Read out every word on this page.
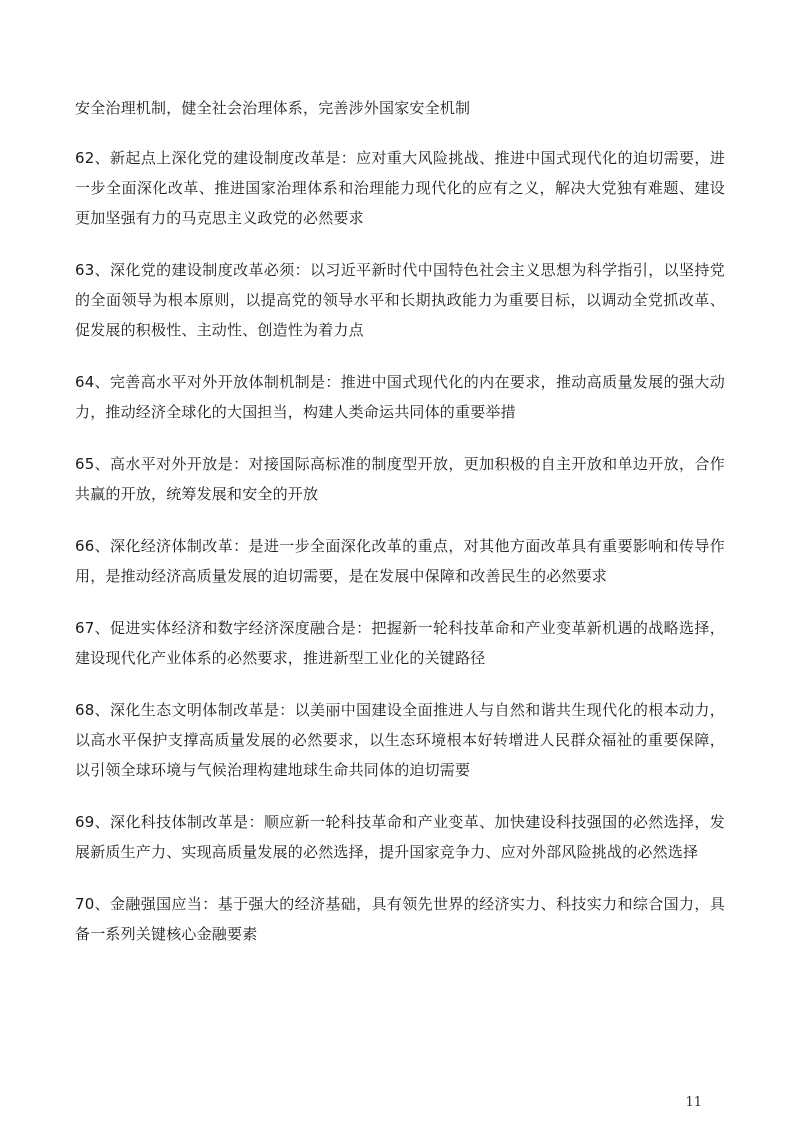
安全治理机制，健全社会治理体系，完善涉外国家安全机制

62、新起点上深化党的建设制度改革是：应对重大风险挑战、推进中国式现代化的迫切需要，进一步全面深化改革、推进国家治理体系和治理能力现代化的应有之义，解决大党独有难题、建设更加坚强有力的马克思主义政党的必然要求

63、深化党的建设制度改革必须：以习近平新时代中国特色社会主义思想为科学指引，以坚持党的全面领导为根本原则，以提高党的领导水平和长期执政能力为重要目标，以调动全党抓改革、促发展的积极性、主动性、创造性为着力点

64、完善高水平对外开放体制机制是：推进中国式现代化的内在要求，推动高质量发展的强大动力，推动经济全球化的大国担当，构建人类命运共同体的重要举措

65、高水平对外开放是：对接国际高标准的制度型开放，更加积极的自主开放和单边开放，合作共赢的开放，统筹发展和安全的开放

66、深化经济体制改革：是进一步全面深化改革的重点，对其他方面改革具有重要影响和传导作用，是推动经济高质量发展的迫切需要，是在发展中保障和改善民生的必然要求

67、促进实体经济和数字经济深度融合是：把握新一轮科技革命和产业变革新机遇的战略选择，建设现代化产业体系的必然要求，推进新型工业化的关键路径

68、深化生态文明体制改革是：以美丽中国建设全面推进人与自然和谐共生现代化的根本动力，以高水平保护支撑高质量发展的必然要求，以生态环境根本好转增进人民群众福祉的重要保障，以引领全球环境与气候治理构建地球生命共同体的迫切需要

69、深化科技体制改革是：顺应新一轮科技革命和产业变革、加快建设科技强国的必然选择，发展新质生产力、实现高质量发展的必然选择，提升国家竞争力、应对外部风险挑战的必然选择

70、金融强国应当：基于强大的经济基础，具有领先世界的经济实力、科技实力和综合国力，具备一系列关键核心金融要素

11
